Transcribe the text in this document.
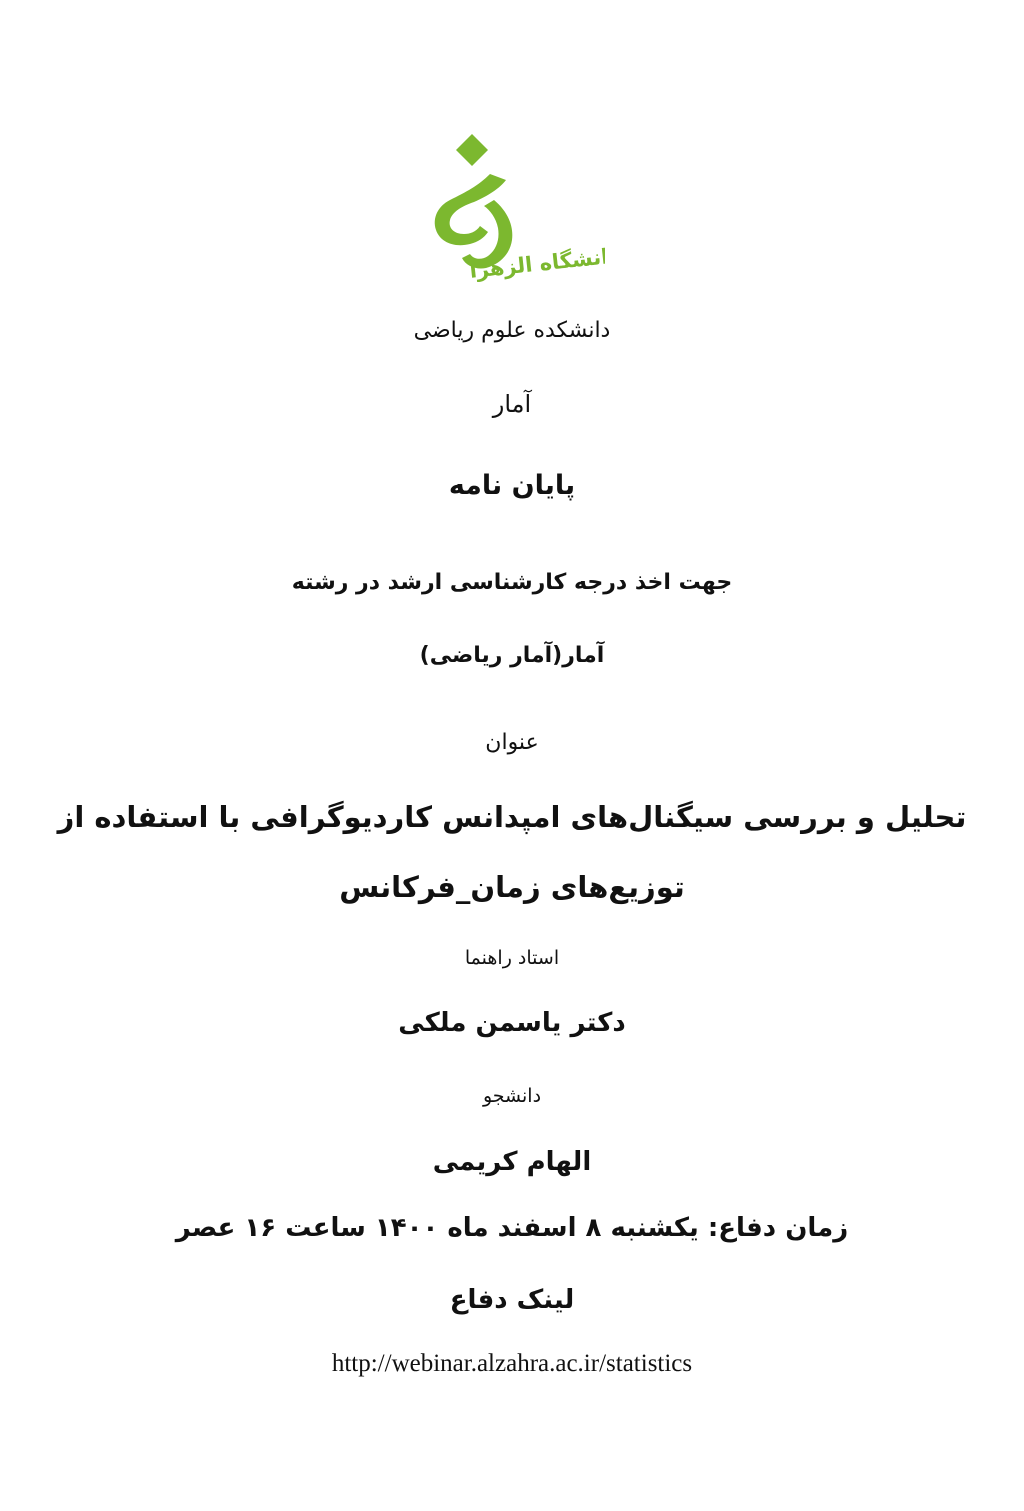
دانشگاه الزهرا
دانشکده علوم ریاضی
آمار
پایان نامه
جهت اخذ درجه کارشناسی ارشد در رشته
آمار(آمار ریاضی)
عنوان
تحلیل و بررسی سیگنال‌های امپدانس کاردیوگرافی با استفاده از
توزیع‌های زمان_فرکانس
استاد راهنما
دکتر یاسمن ملکی
دانشجو
الهام کریمی
زمان دفاع: یکشنبه ۸ اسفند ماه ۱۴۰۰ ساعت ۱۶ عصر
لینک دفاع
http://webinar.alzahra.ac.ir/statistics
